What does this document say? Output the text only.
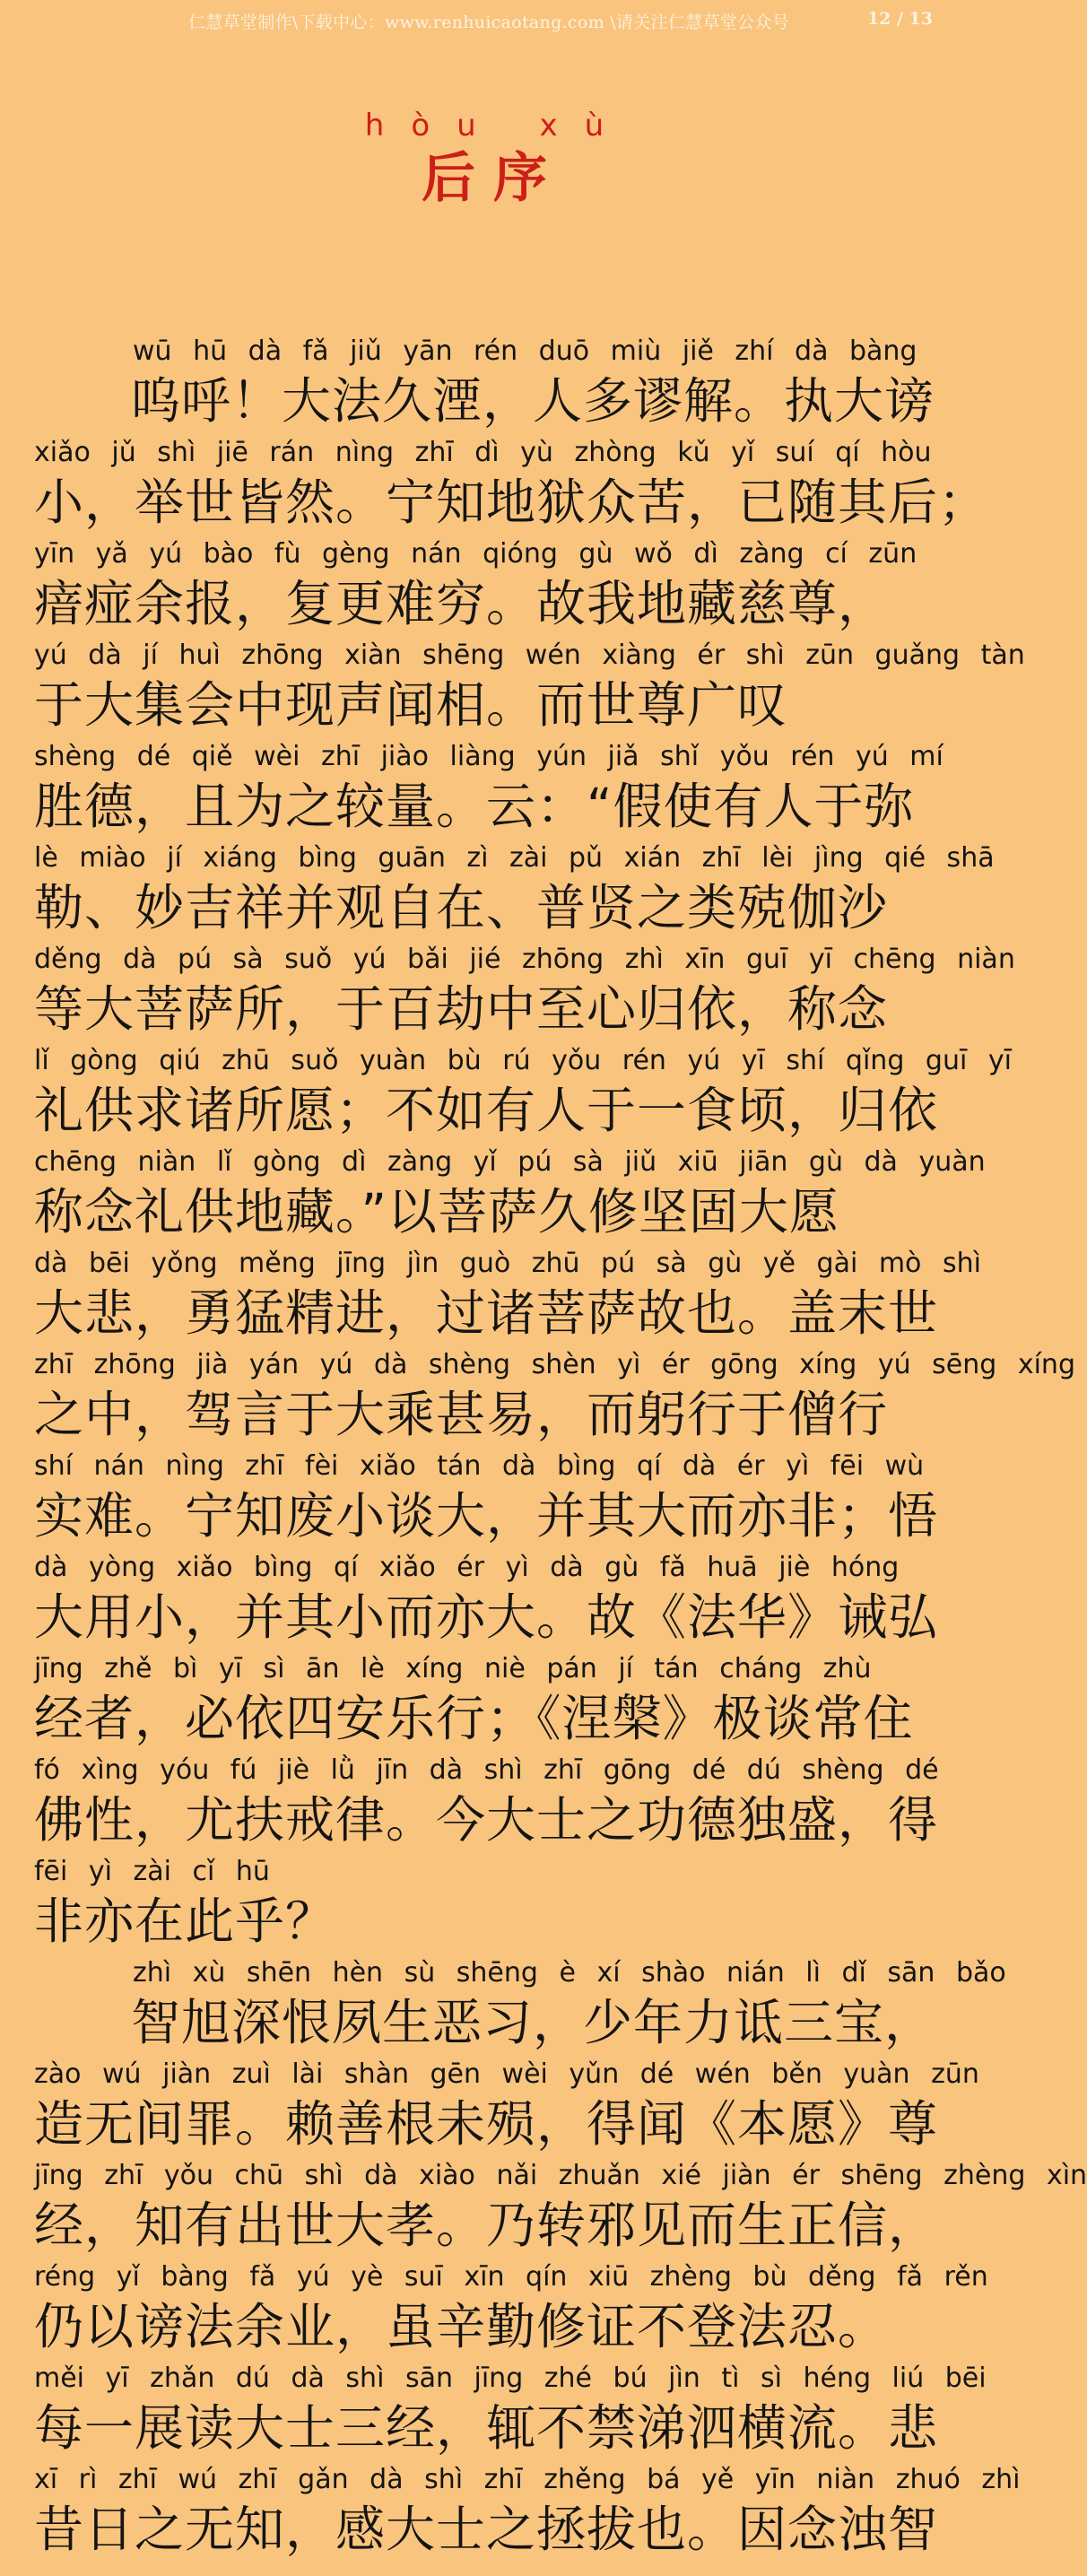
仁慧草堂制作\下载中心：www.renhuicaotang.com \请关注仁慧草堂公众号	12 / 13
hòu xù
后序
wū hū dà fǎ jiǔ yān rén duō miù jiě zhí dà bàng
呜呼！大法久湮，人多谬解。执大谤
xiǎo jǔ shì jiē rán nìng zhī dì yù zhòng kǔ yǐ suí qí hòu
小，举世皆然。宁知地狱众苦，已随其后；
yīn yǎ yú bào fù gèng nán qióng gù wǒ dì zàng cí zūn
瘖痖余报，复更难穷。故我地藏慈尊，
yú dà jí huì zhōng xiàn shēng wén xiàng ér shì zūn guǎng tàn
于大集会中现声闻相。而世尊广叹
shèng dé qiě wèi zhī jiào liàng yún jiǎ shǐ yǒu rén yú mí
胜德，且为之较量。云：“假使有人于弥
lè miào jí xiáng bìng guān zì zài pǔ xián zhī lèi jìng qié shā
勒、妙吉祥并观自在、普贤之类殑伽沙
děng dà pú sà suǒ yú bǎi jié zhōng zhì xīn guī yī chēng niàn
等大菩萨所，于百劫中至心归依，称念
lǐ gòng qiú zhū suǒ yuàn bù rú yǒu rén yú yī shí qǐng guī yī
礼供求诸所愿；不如有人于一食顷，归依
chēng niàn lǐ gòng dì zàng yǐ pú sà jiǔ xiū jiān gù dà yuàn
称念礼供地藏。”以菩萨久修坚固大愿
dà bēi yǒng měng jīng jìn guò zhū pú sà gù yě gài mò shì
大悲，勇猛精进，过诸菩萨故也。盖末世
zhī zhōng jià yán yú dà shèng shèn yì ér gōng xíng yú sēng xíng
之中，驾言于大乘甚易，而躬行于僧行
shí nán nìng zhī fèi xiǎo tán dà bìng qí dà ér yì fēi wù
实难。宁知废小谈大，并其大而亦非；悟
dà yòng xiǎo bìng qí xiǎo ér yì dà gù fǎ huā jiè hóng
大用小，并其小而亦大。故《法华》诫弘
jīng zhě bì yī sì ān lè xíng niè pán jí tán cháng zhù
经者，必依四安乐行；《涅槃》极谈常住
fó xìng yóu fú jiè lǜ jīn dà shì zhī gōng dé dú shèng dé
佛性，尤扶戒律。今大士之功德独盛，得
fēi yì zài cǐ hū
非亦在此乎？
zhì xù shēn hèn sù shēng è xí shào nián lì dǐ sān bǎo
智旭深恨夙生恶习，少年力诋三宝，
zào wú jiàn zuì lài shàn gēn wèi yǔn dé wén běn yuàn zūn
造无间罪。赖善根未殒，得闻《本愿》尊
jīng zhī yǒu chū shì dà xiào nǎi zhuǎn xié jiàn ér shēng zhèng xìn
经，知有出世大孝。乃转邪见而生正信，
réng yǐ bàng fǎ yú yè suī xīn qín xiū zhèng bù děng fǎ rěn
仍以谤法余业，虽辛勤修证不登法忍。
měi yī zhǎn dú dà shì sān jīng zhé bú jìn tì sì héng liú bēi
每一展读大士三经，辄不禁涕泗横流。悲
xī rì zhī wú zhī gǎn dà shì zhī zhěng bá yě yīn niàn zhuó zhì
昔日之无知，感大士之拯拔也。因念浊智
